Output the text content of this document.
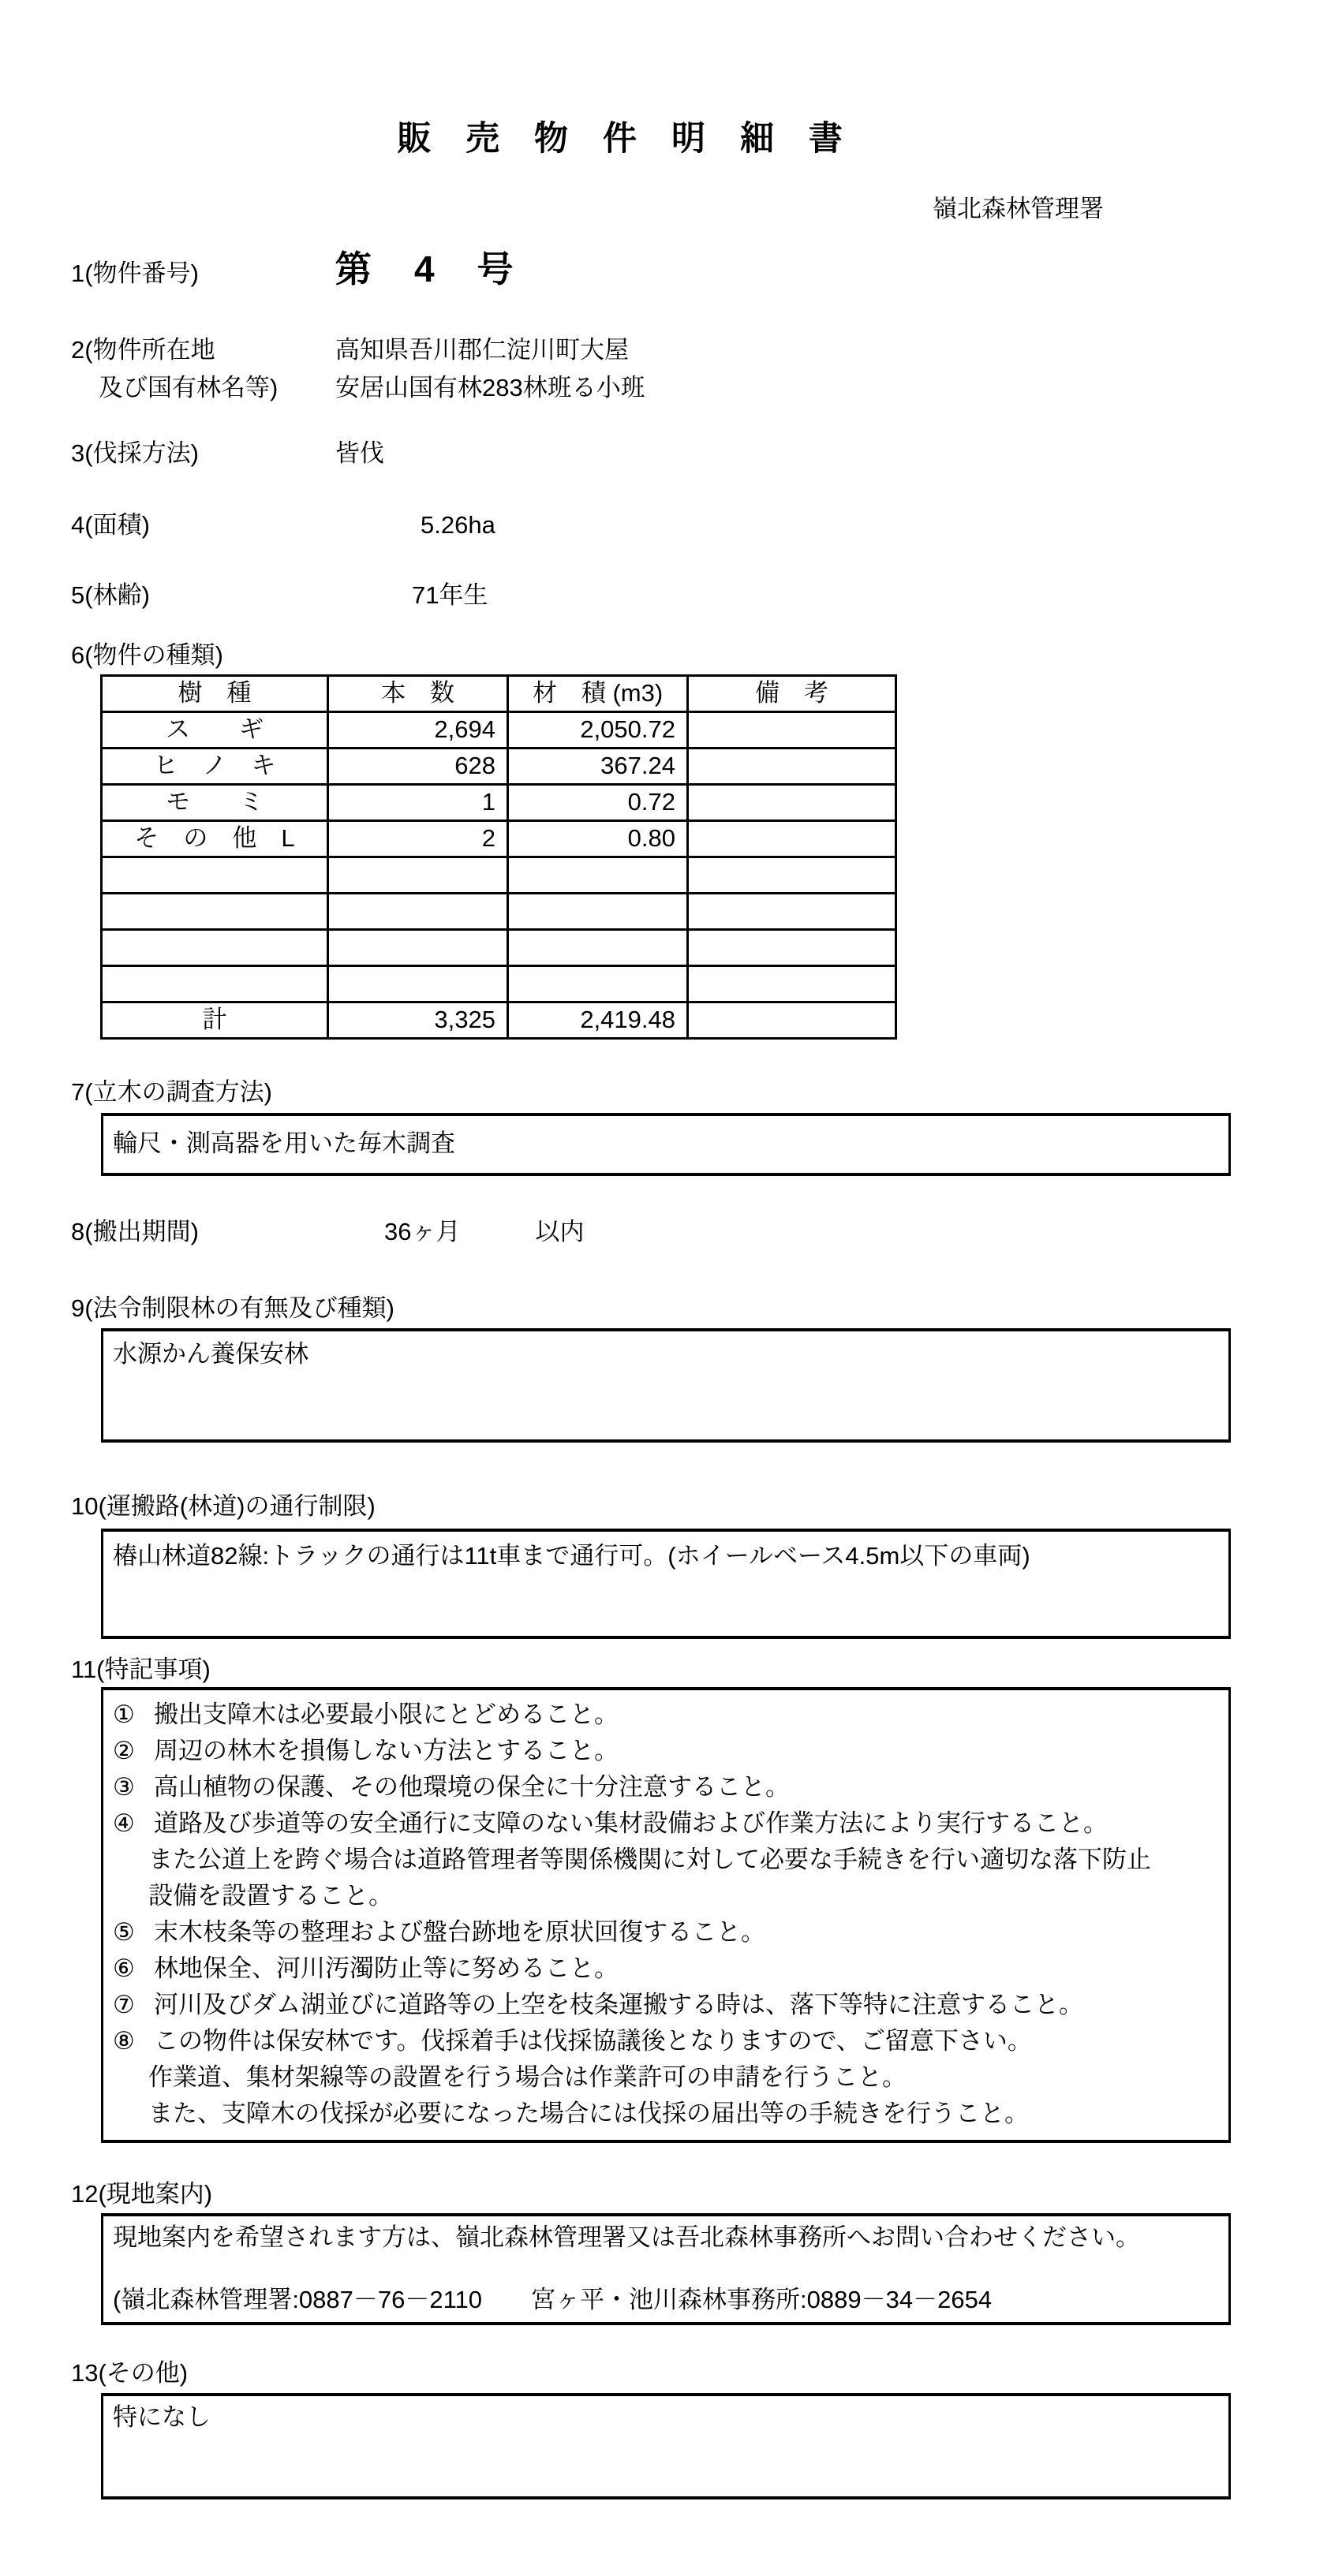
販 売 物 件 明 細 書
嶺北森林管理署
1(物件番号)	第　4　号
2(物件所在地	高知県吾川郡仁淀川町大屋
及び国有林名等)	安居山国有林283林班る小班
3(伐採方法)	皆伐
4(面積)	5.26ha
5(林齢)	71年生
6(物件の種類)
樹　種	本　数	材　積 (m3)	備　考
ス　　ギ	2,694	2,050.72	
ヒ　ノ　キ	628	367.24	
モ　　ミ	1	0.72	
そ　の　他　L	2	0.80	

計	3,325	2,419.48	
7(立木の調査方法)
輪尺・測高器を用いた毎木調査
8(搬出期間)	36ヶ月	以内
9(法令制限林の有無及び種類)
水源かん養保安林
10(運搬路(林道)の通行制限)
椿山林道82線:トラックの通行は11t車まで通行可。(ホイールベース4.5m以下の車両)
11(特記事項)
① 搬出支障木は必要最小限にとどめること。
② 周辺の林木を損傷しない方法とすること。
③ 高山植物の保護、その他環境の保全に十分注意すること。
④ 道路及び歩道等の安全通行に支障のない集材設備および作業方法により実行すること。
また公道上を跨ぐ場合は道路管理者等関係機関に対して必要な手続きを行い適切な落下防止
設備を設置すること。
⑤ 末木枝条等の整理および盤台跡地を原状回復すること。
⑥ 林地保全、河川汚濁防止等に努めること。
⑦ 河川及びダム湖並びに道路等の上空を枝条運搬する時は、落下等特に注意すること。
⑧ この物件は保安林です。伐採着手は伐採協議後となりますので、ご留意下さい。
作業道、集材架線等の設置を行う場合は作業許可の申請を行うこと。
また、支障木の伐採が必要になった場合には伐採の届出等の手続きを行うこと。
12(現地案内)
現地案内を希望されます方は、嶺北森林管理署又は吾北森林事務所へお問い合わせください。
(嶺北森林管理署:0887－76－2110　　宮ヶ平・池川森林事務所:0889－34－2654
13(その他)
特になし
